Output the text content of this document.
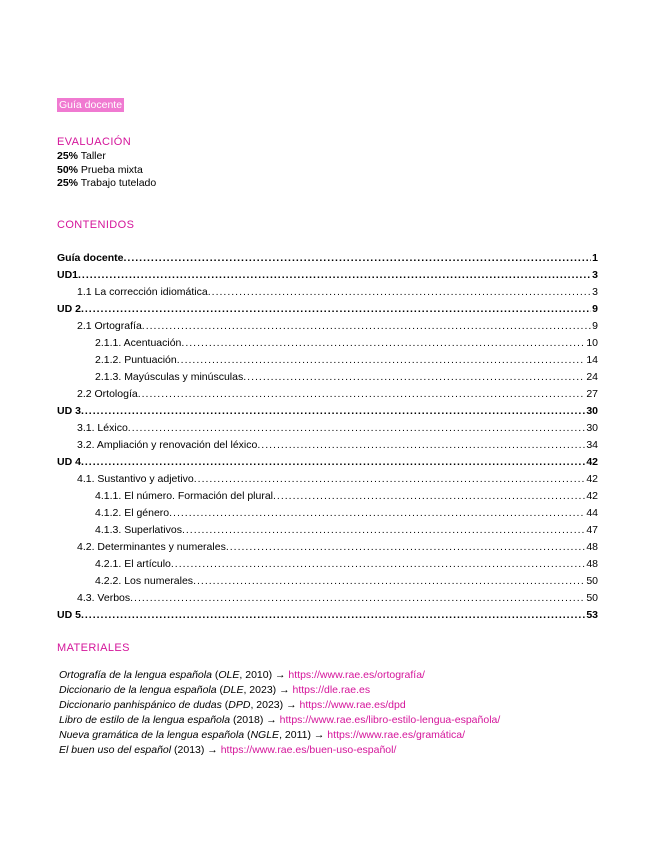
Guía docente
EVALUACIÓN
25% Taller
50% Prueba mixta
25% Trabajo tutelado
CONTENIDOS
Guía docente .....	1
UD1 .....	3
1.1 La corrección idiomática .....	3
UD 2 .....	9
2.1 Ortografía .....	9
2.1.1. Acentuación .....	10
2.1.2. Puntuación .....	14
2.1.3. Mayúsculas y minúsculas .....	24
2.2 Ortología .....	27
UD 3 .....	30
3.1. Léxico .....	30
3.2. Ampliación y renovación del léxico .....	34
UD 4 .....	42
4.1. Sustantivo y adjetivo .....	42
4.1.1. El número. Formación del plural .....	42
4.1.2. El género .....	44
4.1.3. Superlativos .....	47
4.2. Determinantes y numerales .....	48
4.2.1. El artículo .....	48
4.2.2. Los numerales .....	50
4.3. Verbos .....	50
UD 5 .....	53
MATERIALES
Ortografía de la lengua española (OLE, 2010) → https://www.rae.es/ortografía/
Diccionario de la lengua española (DLE, 2023) → https://dle.rae.es
Diccionario panhispánico de dudas (DPD, 2023) → https://www.rae.es/dpd
Libro de estilo de la lengua española (2018) → https://www.rae.es/libro-estilo-lengua-española/
Nueva gramática de la lengua española (NGLE, 2011) → https://www.rae.es/gramática/
El buen uso del español (2013) → https://www.rae.es/buen-uso-español/
